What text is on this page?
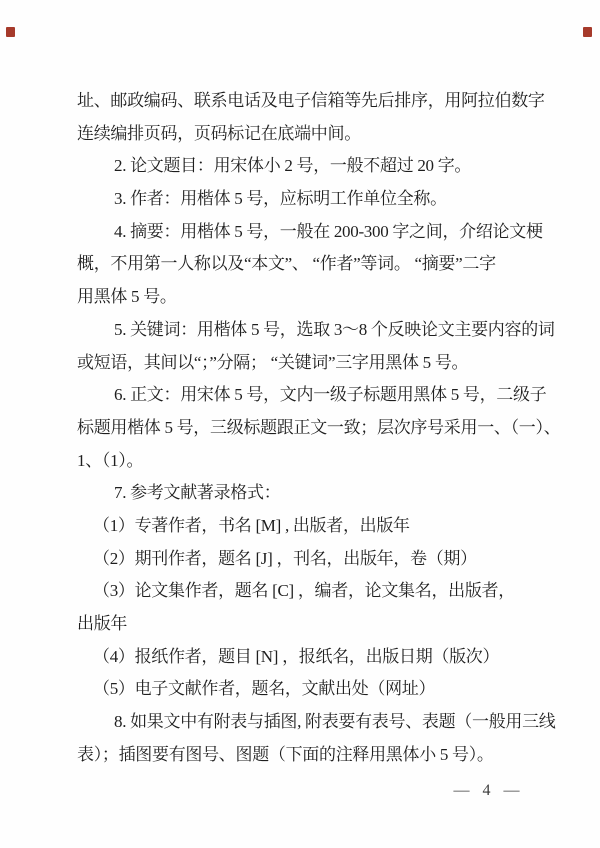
址、邮政编码、联系电话及电子信箱等先后排序，用阿拉伯数字
连续编排页码，页码标记在底端中间。
2. 论文题目：用宋体小 2 号，一般不超过 20 字。
3. 作者：用楷体 5 号，应标明工作单位全称。
4. 摘要：用楷体 5 号，一般在 200-300 字之间，介绍论文梗
概，不用第一人称以及“本文”、 “作者”等词。 “摘要”二字
用黑体 5 号。
5. 关键词：用楷体 5 号，选取 3～8 个反映论文主要内容的词
或短语，其间以“；”分隔； “关键词”三字用黑体 5 号。
6. 正文：用宋体 5 号，文内一级子标题用黑体 5 号，二级子
标题用楷体 5 号，三级标题跟正文一致；层次序号采用一、（一）、
1、（1）。
7. 参考文献著录格式：
（1）专著作者，书名 [M] , 出版者，出版年
（2）期刊作者，题名 [J] ，刊名，出版年，卷（期）
（3）论文集作者，题名 [C] ，编者，论文集名，出版者，
出版年
（4）报纸作者，题目 [N] ，报纸名，出版日期（版次）
（5）电子文献作者，题名，文献出处（网址）
8. 如果文中有附表与插图, 附表要有表号、表题（一般用三线
表）；插图要有图号、图题（下面的注释用黑体小 5 号）。
— 4 —
